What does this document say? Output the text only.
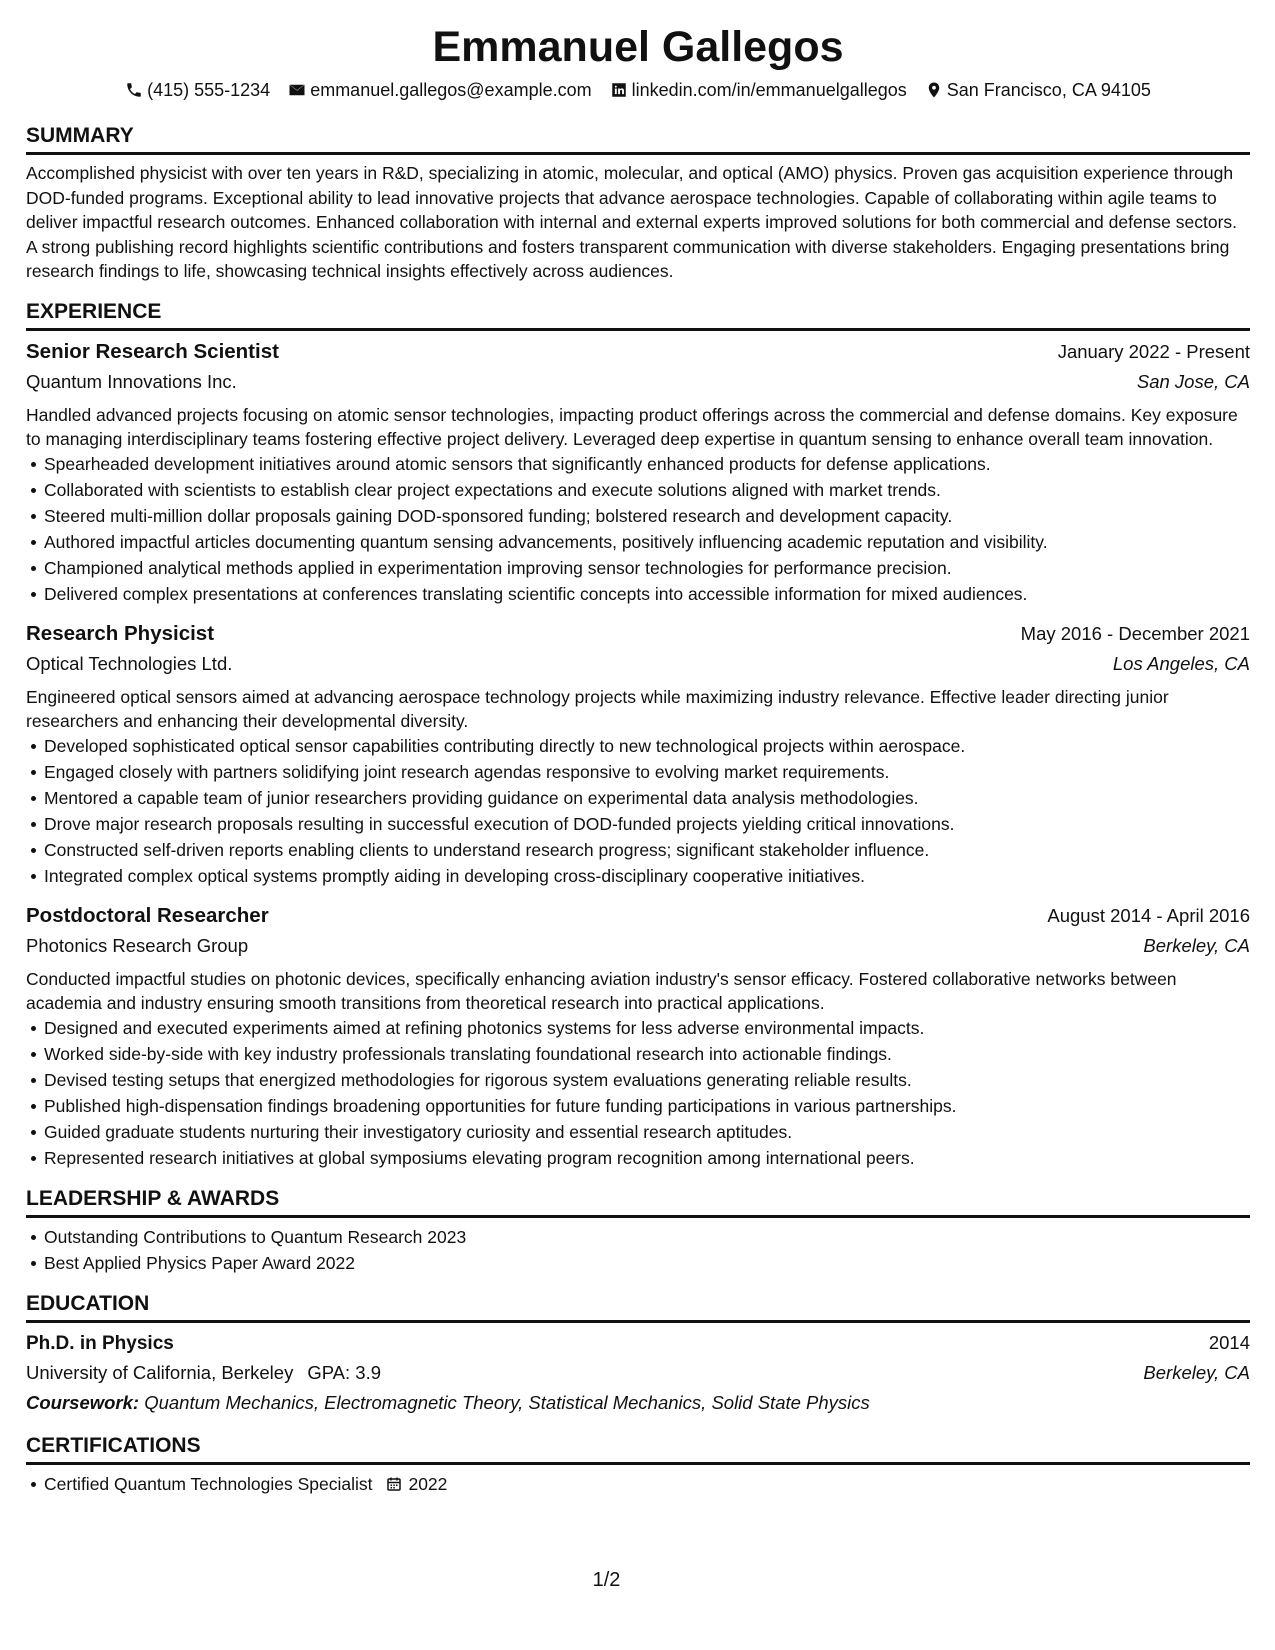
Emmanuel Gallegos
(415) 555-1234 emmanuel.gallegos@example.com linkedin.com/in/emmanuelgallegos San Francisco, CA 94105
SUMMARY

Accomplished physicist with over ten years in R&D, specializing in atomic, molecular, and optical (AMO) physics. Proven gas acquisition experience through DOD-funded programs. Exceptional ability to lead innovative projects that advance aerospace technologies. Capable of collaborating within agile teams to deliver impactful research outcomes. Enhanced collaboration with internal and external experts improved solutions for both commercial and defense sectors. A strong publishing record highlights scientific contributions and fosters transparent communication with diverse stakeholders. Engaging presentations bring research findings to life, showcasing technical insights effectively across audiences.

EXPERIENCE
Senior Research Scientist	January 2022 - Present
Quantum Innovations Inc.	San Jose, CA

Handled advanced projects focusing on atomic sensor technologies, impacting product offerings across the commercial and defense domains. Key exposure to managing interdisciplinary teams fostering effective project delivery. Leveraged deep expertise in quantum sensing to enhance overall team innovation.

Spearheaded development initiatives around atomic sensors that significantly enhanced products for defense applications.
Collaborated with scientists to establish clear project expectations and execute solutions aligned with market trends.
Steered multi-million dollar proposals gaining DOD-sponsored funding; bolstered research and development capacity.
Authored impactful articles documenting quantum sensing advancements, positively influencing academic reputation and visibility.
Championed analytical methods applied in experimentation improving sensor technologies for performance precision.
Delivered complex presentations at conferences translating scientific concepts into accessible information for mixed audiences.
Research Physicist	May 2016 - December 2021
Optical Technologies Ltd.	Los Angeles, CA

Engineered optical sensors aimed at advancing aerospace technology projects while maximizing industry relevance. Effective leader directing junior researchers and enhancing their developmental diversity.

Developed sophisticated optical sensor capabilities contributing directly to new technological projects within aerospace.
Engaged closely with partners solidifying joint research agendas responsive to evolving market requirements.
Mentored a capable team of junior researchers providing guidance on experimental data analysis methodologies.
Drove major research proposals resulting in successful execution of DOD-funded projects yielding critical innovations.
Constructed self-driven reports enabling clients to understand research progress; significant stakeholder influence.
Integrated complex optical systems promptly aiding in developing cross-disciplinary cooperative initiatives.
Postdoctoral Researcher	August 2014 - April 2016
Photonics Research Group	Berkeley, CA

Conducted impactful studies on photonic devices, specifically enhancing aviation industry's sensor efficacy. Fostered collaborative networks between academia and industry ensuring smooth transitions from theoretical research into practical applications.

Designed and executed experiments aimed at refining photonics systems for less adverse environmental impacts.
Worked side-by-side with key industry professionals translating foundational research into actionable findings.
Devised testing setups that energized methodologies for rigorous system evaluations generating reliable results.
Published high-dispensation findings broadening opportunities for future funding participations in various partnerships.
Guided graduate students nurturing their investigatory curiosity and essential research aptitudes.
Represented research initiatives at global symposiums elevating program recognition among international peers.
LEADERSHIP & AWARDS
Outstanding Contributions to Quantum Research 2023
Best Applied Physics Paper Award 2022
EDUCATION
Ph.D. in Physics	2014
University of California, Berkeley GPA: 3.9	Berkeley, CA
Coursework: Quantum Mechanics, Electromagnetic Theory, Statistical Mechanics, Solid State Physics
CERTIFICATIONS
Certified Quantum Technologies Specialist 2022
1/2
